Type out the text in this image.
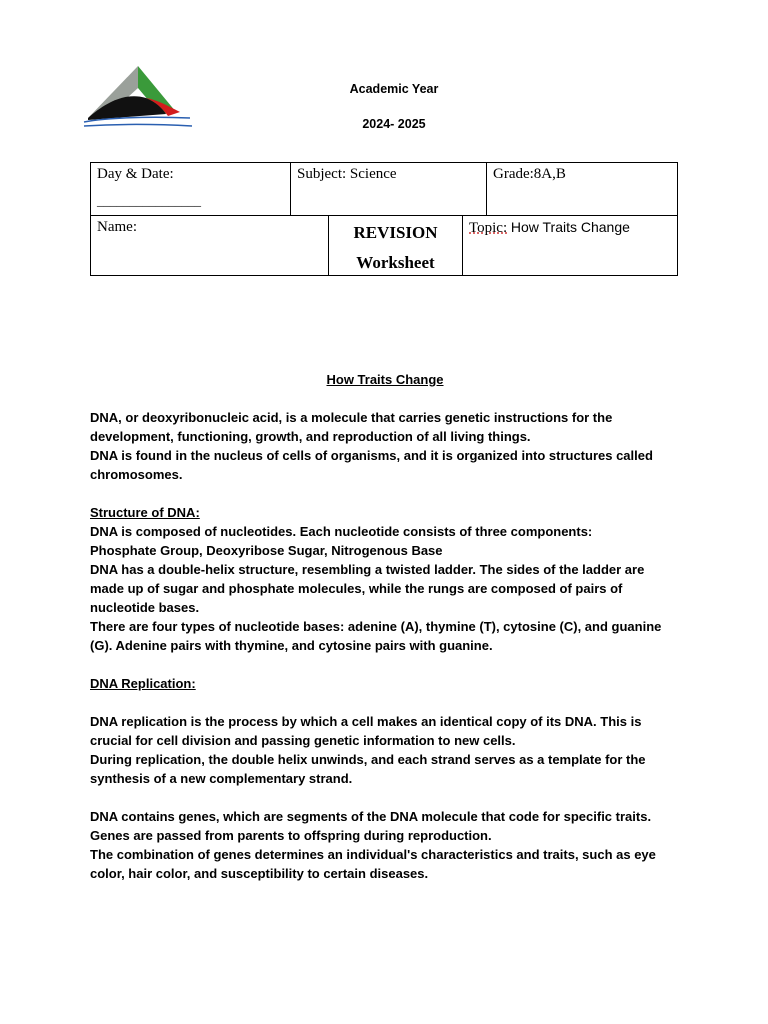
Academic Year
2024- 2025
Day & Date:
________________
Subject: Science	Grade:8A,B
Name:	REVISION
Worksheet
Topic: How Traits Change

How Traits Change

DNA, or deoxyribonucleic acid, is a molecule that carries genetic instructions for the development, functioning, growth, and reproduction of all living things.

DNA is found in the nucleus of cells of organisms, and it is organized into structures called chromosomes.

Structure of DNA:

DNA is composed of nucleotides. Each nucleotide consists of three components:

Phosphate Group, Deoxyribose Sugar, Nitrogenous Base

DNA has a double-helix structure, resembling a twisted ladder. The sides of the ladder are made up of sugar and phosphate molecules, while the rungs are composed of pairs of nucleotide bases.

There are four types of nucleotide bases: adenine (A), thymine (T), cytosine (C), and guanine (G). Adenine pairs with thymine, and cytosine pairs with guanine.

DNA Replication:

DNA replication is the process by which a cell makes an identical copy of its DNA. This is crucial for cell division and passing genetic information to new cells.

During replication, the double helix unwinds, and each strand serves as a template for the synthesis of a new complementary strand.

DNA contains genes, which are segments of the DNA molecule that code for specific traits.

Genes are passed from parents to offspring during reproduction.

The combination of genes determines an individual's characteristics and traits, such as eye color, hair color, and susceptibility to certain diseases.
